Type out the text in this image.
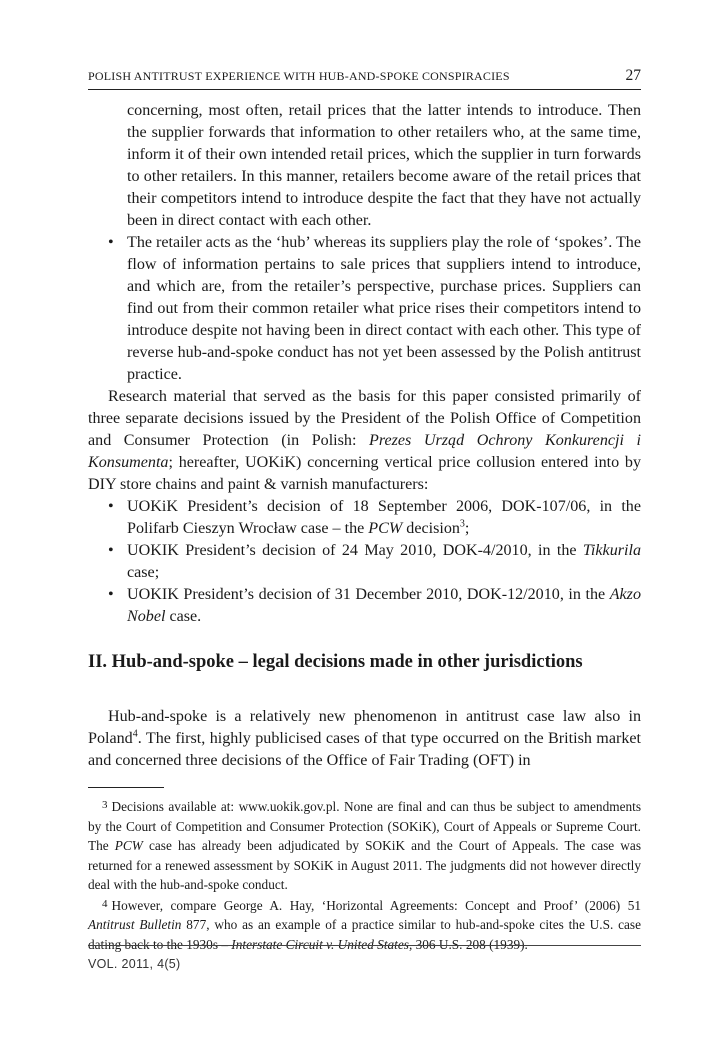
POLISH ANTITRUST EXPERIENCE WITH HUB-AND-SPOKE CONSPIRACIES	27

concerning, most often, retail prices that the latter intends to introduce. Then the supplier forwards that information to other retailers who, at the same time, inform it of their own intended retail prices, which the supplier in turn forwards to other retailers. In this manner, retailers become aware of the retail prices that their competitors intend to introduce despite the fact that they have not actually been in direct contact with each other.

• The retailer acts as the ‘hub’ whereas its suppliers play the role of ‘spokes’. The flow of information pertains to sale prices that suppliers intend to introduce, and which are, from the retailer’s perspective, purchase prices. Suppliers can find out from their common retailer what price rises their competitors intend to introduce despite not having been in direct contact with each other. This type of reverse hub-and-spoke conduct has not yet been assessed by the Polish antitrust practice.

Research material that served as the basis for this paper consisted primarily of three separate decisions issued by the President of the Polish Office of Competition and Consumer Protection (in Polish: Prezes Urząd Ochrony Konkurencji i Konsumenta; hereafter, UOKiK) concerning vertical price collusion entered into by DIY store chains and paint & varnish manufacturers:

• UOKiK President’s decision of 18 September 2006, DOK-107/06, in the Polifarb Cieszyn Wrocław case – the PCW decision$^3$;

• UOKIK President’s decision of 24 May 2010, DOK-4/2010, in the Tikkurila case;

• UOKIK President’s decision of 31 December 2010, DOK-12/2010, in the Akzo Nobel case.

II. Hub-and-spoke – legal decisions made in other jurisdictions

Hub-and-spoke is a relatively new phenomenon in antitrust case law also in Poland$^4$. The first, highly publicised cases of that type occurred on the British market and concerned three decisions of the Office of Fair Trading (OFT) in

$^3$ Decisions available at: www.uokik.gov.pl. None are final and can thus be subject to amendments by the Court of Competition and Consumer Protection (SOKiK), Court of Appeals or Supreme Court. The PCW case has already been adjudicated by SOKiK and the Court of Appeals. The case was returned for a renewed assessment by SOKiK in August 2011. The judgments did not however directly deal with the hub-and-spoke conduct.

$^4$ However, compare George A. Hay, ‘Horizontal Agreements: Concept and Proof’ (2006) 51 Antitrust Bulletin 877, who as an example of a practice similar to hub-and-spoke cites the U.S. case dating back to the 1930s – Interstate Circuit v. United States, 306 U.S. 208 (1939).

VOL. 2011, 4(5)
